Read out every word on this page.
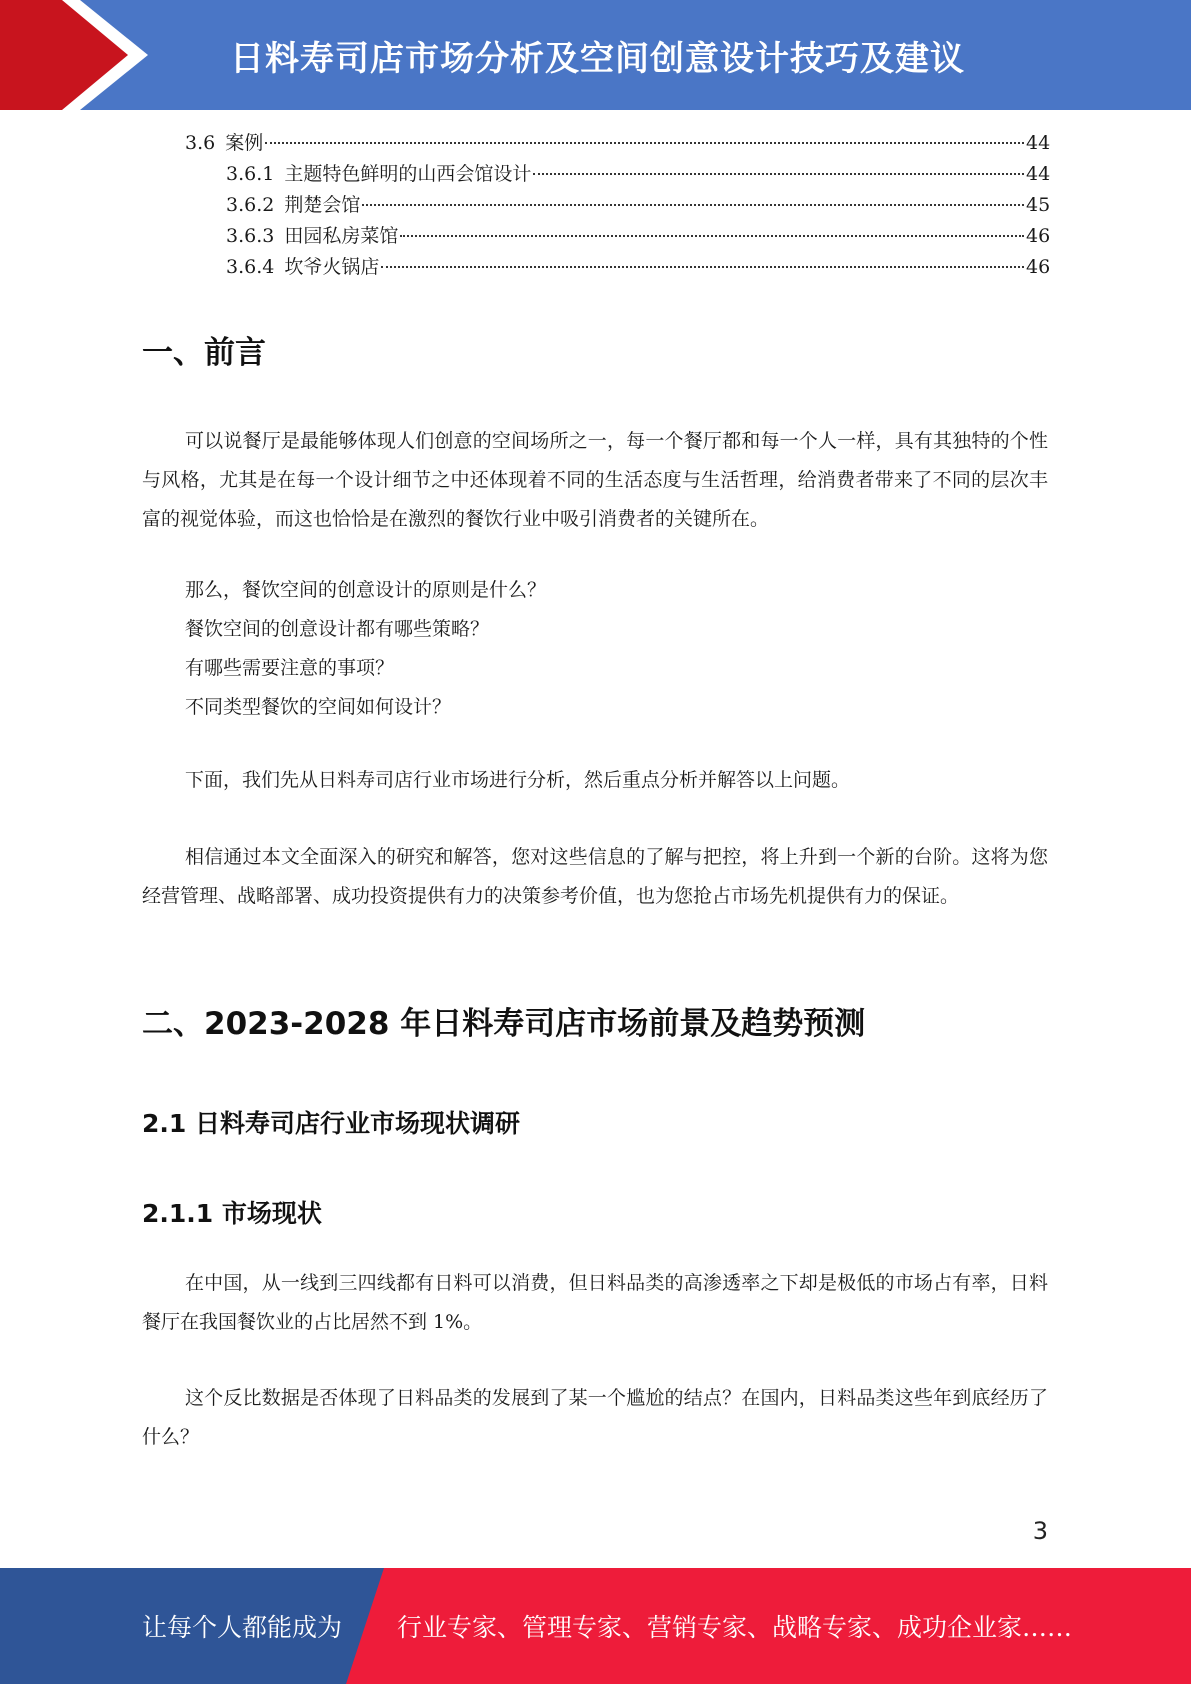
日料寿司店市场分析及空间创意设计技巧及建议
3.6 案例	44
3.6.1 主题特色鲜明的山西会馆设计	44
3.6.2 荆楚会馆	45
3.6.3 田园私房菜馆	46
3.6.4 坎爷火锅店	46
一、前言
可以说餐厅是最能够体现人们创意的空间场所之一，每一个餐厅都和每一个人一样，具有其独特的个性与风格，尤其是在每一个设计细节之中还体现着不同的生活态度与生活哲理，给消费者带来了不同的层次丰富的视觉体验，而这也恰恰是在激烈的餐饮行业中吸引消费者的关键所在。
那么，餐饮空间的创意设计的原则是什么？
餐饮空间的创意设计都有哪些策略？
有哪些需要注意的事项？
不同类型餐饮的空间如何设计？
下面，我们先从日料寿司店行业市场进行分析，然后重点分析并解答以上问题。
相信通过本文全面深入的研究和解答，您对这些信息的了解与把控，将上升到一个新的台阶。这将为您经营管理、战略部署、成功投资提供有力的决策参考价值，也为您抢占市场先机提供有力的保证。
二、2023-2028 年日料寿司店市场前景及趋势预测
2.1 日料寿司店行业市场现状调研
2.1.1 市场现状
在中国，从一线到三四线都有日料可以消费，但日料品类的高渗透率之下却是极低的市场占有率，日料餐厅在我国餐饮业的占比居然不到 1%。
这个反比数据是否体现了日料品类的发展到了某一个尴尬的结点？在国内，日料品类这些年到底经历了什么？
3
让每个人都能成为 行业专家、管理专家、营销专家、战略专家、成功企业家……
